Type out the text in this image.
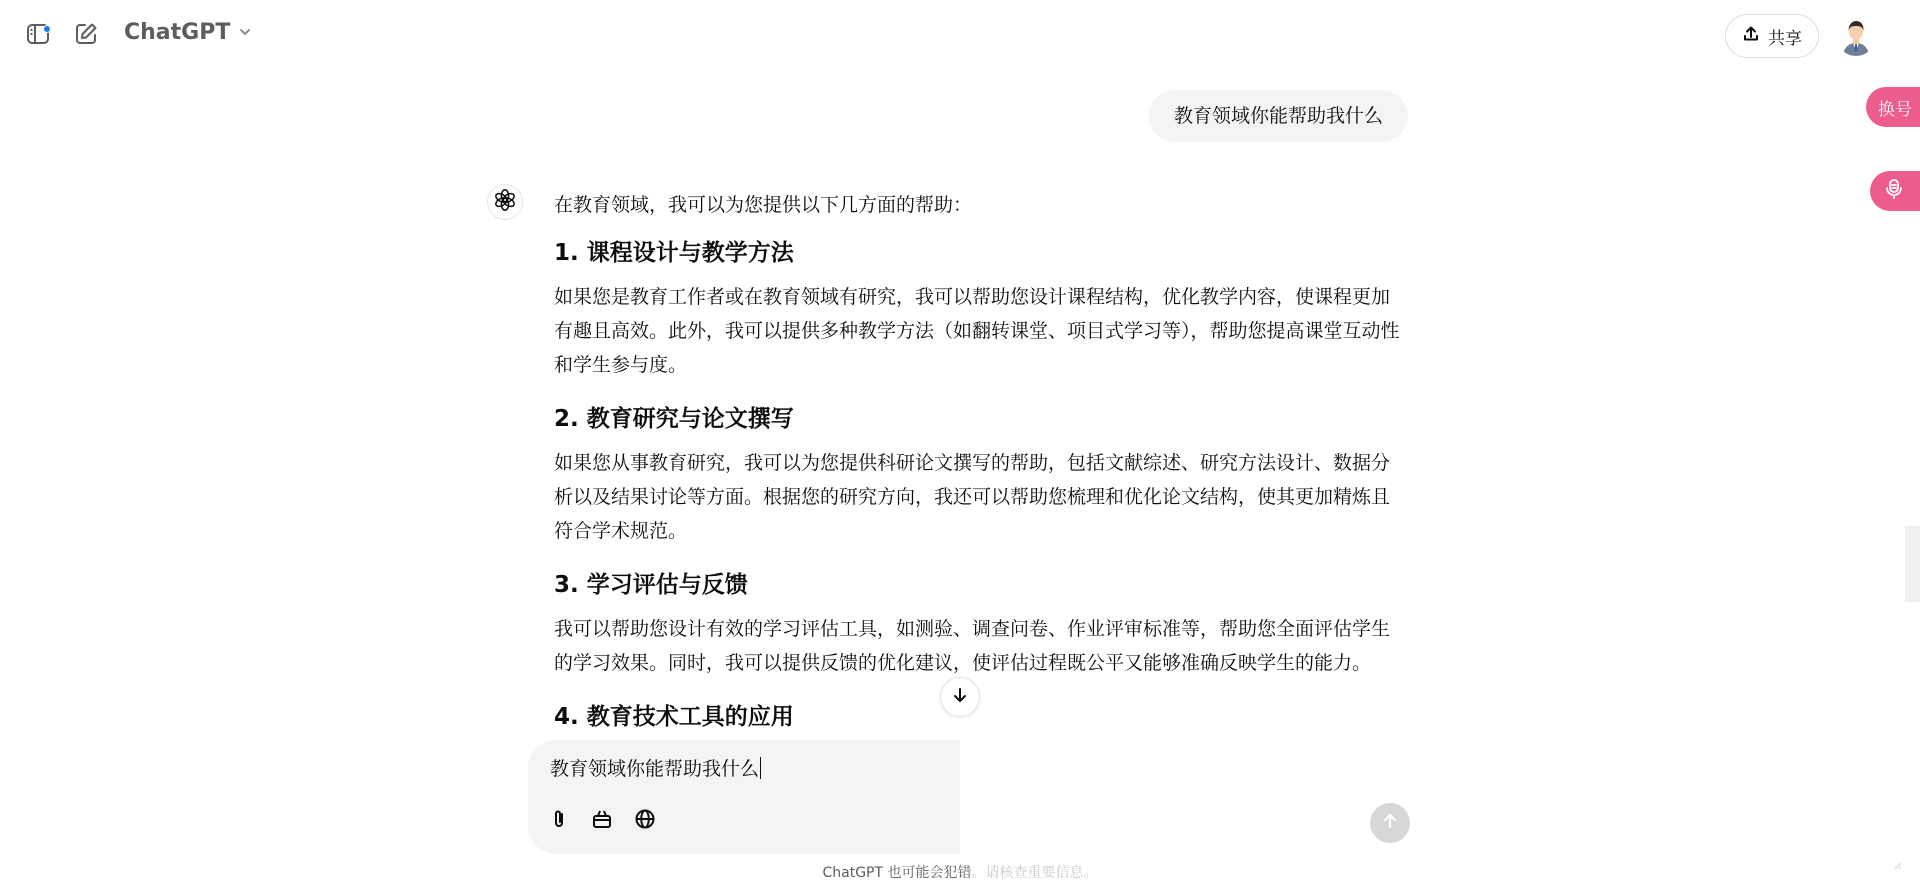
ChatGPT	共享
教育领域你能帮助我什么

在教育领域，我可以为您提供以下几方面的帮助：

1. 课程设计与教学方法

如果您是教育工作者或在教育领域有研究，我可以帮助您设计课程结构，优化教学内容，使课程更加有趣且高效。此外，我可以提供多种教学方法（如翻转课堂、项目式学习等），帮助您提高课堂互动性和学生参与度。

2. 教育研究与论文撰写

如果您从事教育研究，我可以为您提供科研论文撰写的帮助，包括文献综述、研究方法设计、数据分析以及结果讨论等方面。根据您的研究方向，我还可以帮助您梳理和优化论文结构，使其更加精炼且符合学术规范。

3. 学习评估与反馈

我可以帮助您设计有效的学习评估工具，如测验、调查问卷、作业评审标准等，帮助您全面评估学生的学习效果。同时，我可以提供反馈的优化建议，使评估过程既公平又能够准确反映学生的能力。

4. 教育技术工具的应用

教育领域你能帮助我什么
ChatGPT 也可能会犯错。请核查重要信息。
换号
